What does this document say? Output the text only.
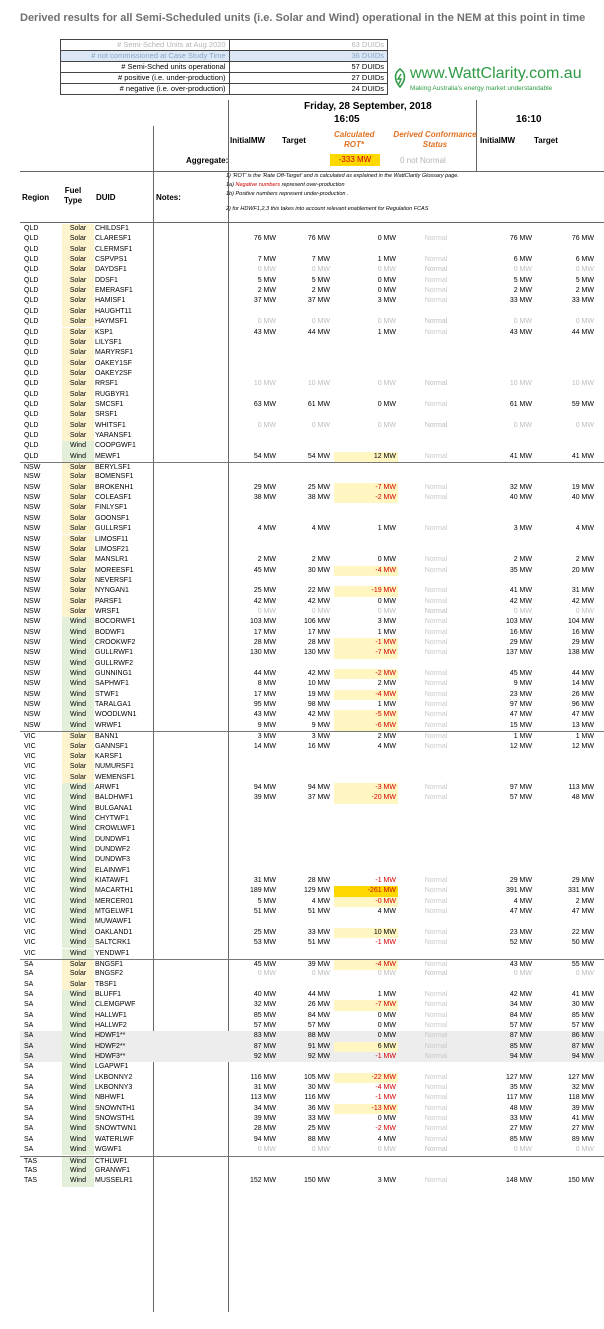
Derived results for all Semi-Scheduled units (i.e. Solar and Wind) operational in the NEM at this point in time
# Semi-Sched Units at Aug 2020	63 DUIDs
# not commissioned at Case Study Time	36 DUIDs
# Semi-Sched units operational	57 DUIDs
# positive (i.e. under-production)	27 DUIDs
# negative (i.e. over-production)	24 DUIDs
www.WattClarity.com.au
Making Australia's energy market understandable
Friday, 28 September, 2018
16:05	16:10
InitialMW Target
Calculated ROT*
Derived Conformance Status	InitialMW Target
Aggregate:	-333 MW	0 not Normal
Region
Fuel Type	DUID	Notes:
1) 'ROT' is the 'Rate Off-Target' and is calculated as explained in the WattClarity Glossary page.
1a) Negative numbers represent over-production
1b) Positive numbers represent under-production .
2) for HDWF1,2,3 this takes into account relevant enablement for Regulation FCAS
QLD	Solar	CHILDSF1
QLD	Solar	CLARESF1	76 MW	76 MW	0 MW	Normal	76 MW	76 MW
QLD	Solar	CLERMSF1
QLD	Solar	CSPVPS1	7 MW	7 MW	1 MW	Normal	6 MW	6 MW
QLD	Solar	DAYDSF1	0 MW	0 MW	0 MW	Normal	0 MW	0 MW
QLD	Solar	DDSF1	5 MW	5 MW	0 MW	Normal	5 MW	5 MW
QLD	Solar	EMERASF1	2 MW	2 MW	0 MW	Normal	2 MW	2 MW
QLD	Solar	HAMISF1	37 MW	37 MW	3 MW	Normal	33 MW	33 MW
QLD	Solar	HAUGHT11
QLD	Solar	HAYMSF1	0 MW	0 MW	0 MW	Normal	0 MW	0 MW
QLD	Solar	KSP1	43 MW	44 MW	1 MW	Normal	43 MW	44 MW
QLD	Solar	LILYSF1
QLD	Solar	MARYRSF1
QLD	Solar	OAKEY1SF
QLD	Solar	OAKEY2SF
QLD	Solar	RRSF1	10 MW	10 MW	0 MW	Normal	10 MW	10 MW
QLD	Solar	RUGBYR1
QLD	Solar	SMCSF1	63 MW	61 MW	0 MW	Normal	61 MW	59 MW
QLD	Solar	SRSF1
QLD	Solar	WHITSF1	0 MW	0 MW	0 MW	Normal	0 MW	0 MW
QLD	Solar	YARANSF1
QLD	Wind	COOPGWF1
QLD	Wind	MEWF1	54 MW	54 MW	12 MW	Normal	41 MW	41 MW
NSW	Solar	BERYLSF1
NSW	Solar	BOMENSF1
NSW	Solar	BROKENH1	29 MW	25 MW	-7 MW	Normal	32 MW	19 MW
NSW	Solar	COLEASF1	38 MW	38 MW	-2 MW	Normal	40 MW	40 MW
NSW	Solar	FINLYSF1
NSW	Solar	GOONSF1
NSW	Solar	GULLRSF1	4 MW	4 MW	1 MW	Normal	3 MW	4 MW
NSW	Solar	LIMOSF11
NSW	Solar	LIMOSF21
NSW	Solar	MANSLR1	2 MW	2 MW	0 MW	Normal	2 MW	2 MW
NSW	Solar	MOREESF1	45 MW	30 MW	-4 MW	Normal	35 MW	20 MW
NSW	Solar	NEVERSF1
NSW	Solar	NYNGAN1	25 MW	22 MW	-19 MW	Normal	41 MW	31 MW
NSW	Solar	PARSF1	42 MW	42 MW	0 MW	Normal	42 MW	42 MW
NSW	Solar	WRSF1	0 MW	0 MW	0 MW	Normal	0 MW	0 MW
NSW	Wind	BOCORWF1	103 MW	106 MW	3 MW	Normal	103 MW	104 MW
NSW	Wind	BODWF1	17 MW	17 MW	1 MW	Normal	16 MW	16 MW
NSW	Wind	CROOKWF2	28 MW	28 MW	-1 MW	Normal	29 MW	29 MW
NSW	Wind	GULLRWF1	130 MW	130 MW	-7 MW	Normal	137 MW	138 MW
NSW	Wind	GULLRWF2
NSW	Wind	GUNNING1	44 MW	42 MW	-2 MW	Normal	45 MW	44 MW
NSW	Wind	SAPHWF1	8 MW	10 MW	2 MW	Normal	9 MW	14 MW
NSW	Wind	STWF1	17 MW	19 MW	-4 MW	Normal	23 MW	26 MW
NSW	Wind	TARALGA1	95 MW	98 MW	1 MW	Normal	97 MW	96 MW
NSW	Wind	WOODLWN1	43 MW	42 MW	-5 MW	Normal	47 MW	47 MW
NSW	Wind	WRWF1	9 MW	9 MW	-6 MW	Normal	15 MW	13 MW
VIC	Solar	BANN1	3 MW	3 MW	2 MW	Normal	1 MW	1 MW
VIC	Solar	GANNSF1	14 MW	16 MW	4 MW	Normal	12 MW	12 MW
VIC	Solar	KARSF1
VIC	Solar	NUMURSF1
VIC	Solar	WEMENSF1
VIC	Wind	ARWF1	94 MW	94 MW	-3 MW	Normal	97 MW	113 MW
VIC	Wind	BALDHWF1	39 MW	37 MW	-20 MW	Normal	57 MW	48 MW
VIC	Wind	BULGANA1
VIC	Wind	CHYTWF1
VIC	Wind	CROWLWF1
VIC	Wind	DUNDWF1
VIC	Wind	DUNDWF2
VIC	Wind	DUNDWF3
VIC	Wind	ELAINWF1
VIC	Wind	KIATAWF1	31 MW	28 MW	-1 MW	Normal	29 MW	29 MW
VIC	Wind	MACARTH1	189 MW	129 MW	-261 MW	Normal	391 MW	331 MW
VIC	Wind	MERCER01	5 MW	4 MW	-0 MW	Normal	4 MW	2 MW
VIC	Wind	MTGELWF1	51 MW	51 MW	4 MW	Normal	47 MW	47 MW
VIC	Wind	MUWAWF1
VIC	Wind	OAKLAND1	25 MW	33 MW	10 MW	Normal	23 MW	22 MW
VIC	Wind	SALTCRK1	53 MW	51 MW	-1 MW	Normal	52 MW	50 MW
VIC	Wind	YENDWF1
SA	Solar	BNGSF1	45 MW	39 MW	-4 MW	Normal	43 MW	55 MW
SA	Solar	BNGSF2	0 MW	0 MW	0 MW	Normal	0 MW	0 MW
SA	Solar	TBSF1
SA	Wind	BLUFF1	40 MW	44 MW	1 MW	Normal	42 MW	41 MW
SA	Wind	CLEMGPWF	32 MW	26 MW	-7 MW	Normal	34 MW	30 MW
SA	Wind	HALLWF1	85 MW	84 MW	0 MW	Normal	84 MW	85 MW
SA	Wind	HALLWF2	57 MW	57 MW	0 MW	Normal	57 MW	57 MW
SA	Wind	HDWF1**	83 MW	88 MW	0 MW	Normal	87 MW	86 MW
SA	Wind	HDWF2**	87 MW	91 MW	6 MW	Normal	85 MW	87 MW
SA	Wind	HDWF3**	92 MW	92 MW	-1 MW	Normal	94 MW	94 MW
SA	Wind	LGAPWF1
SA	Wind	LKBONNY2	116 MW	105 MW	-22 MW	Normal	127 MW	127 MW
SA	Wind	LKBONNY3	31 MW	30 MW	-4 MW	Normal	35 MW	32 MW
SA	Wind	NBHWF1	113 MW	116 MW	-1 MW	Normal	117 MW	118 MW
SA	Wind	SNOWNTH1	34 MW	36 MW	-13 MW	Normal	48 MW	39 MW
SA	Wind	SNOWSTH1	39 MW	33 MW	0 MW	Normal	33 MW	41 MW
SA	Wind	SNOWTWN1	28 MW	25 MW	-2 MW	Normal	27 MW	27 MW
SA	Wind	WATERLWF	94 MW	88 MW	4 MW	Normal	85 MW	89 MW
SA	Wind	WGWF1	0 MW	0 MW	0 MW	Normal	0 MW	0 MW
TAS	Wind	CTHLWF1
TAS	Wind	GRANWF1
TAS	Wind	MUSSELR1	152 MW	150 MW	3 MW	Normal	148 MW	150 MW
